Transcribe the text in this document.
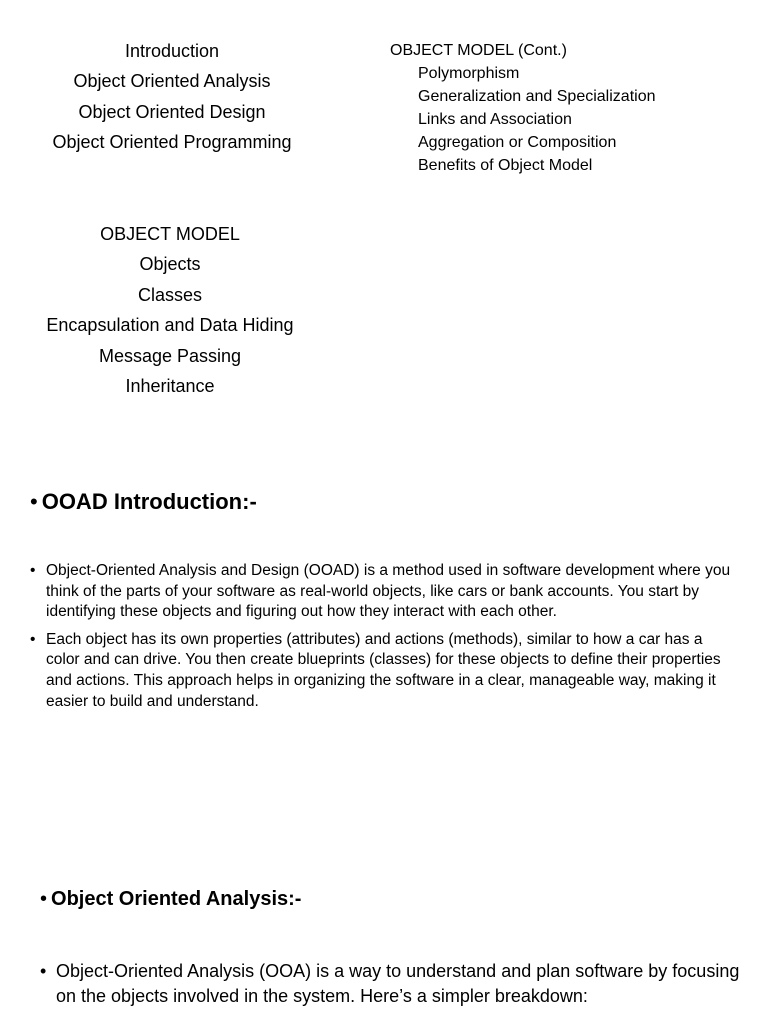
Introduction
Object Oriented Analysis
Object Oriented Design
Object Oriented Programming
OBJECT MODEL (Cont.)
Polymorphism
Generalization and Specialization
Links and Association
Aggregation or Composition
Benefits of Object Model
OBJECT MODEL
Objects
Classes
Encapsulation and Data Hiding
Message Passing
Inheritance
• OOAD Introduction:-
• Object-Oriented Analysis and Design (OOAD) is a method used in software development where you think of the parts of your software as real-world objects, like cars or bank accounts. You start by identifying these objects and figuring out how they interact with each other.
• Each object has its own properties (attributes) and actions (methods), similar to how a car has a color and can drive. You then create blueprints (classes) for these objects to define their properties and actions. This approach helps in organizing the software in a clear, manageable way, making it easier to build and understand.
• Object Oriented Analysis:-
• Object-Oriented Analysis (OOA) is a way to understand and plan software by focusing on the objects involved in the system. Here’s a simpler breakdown:
